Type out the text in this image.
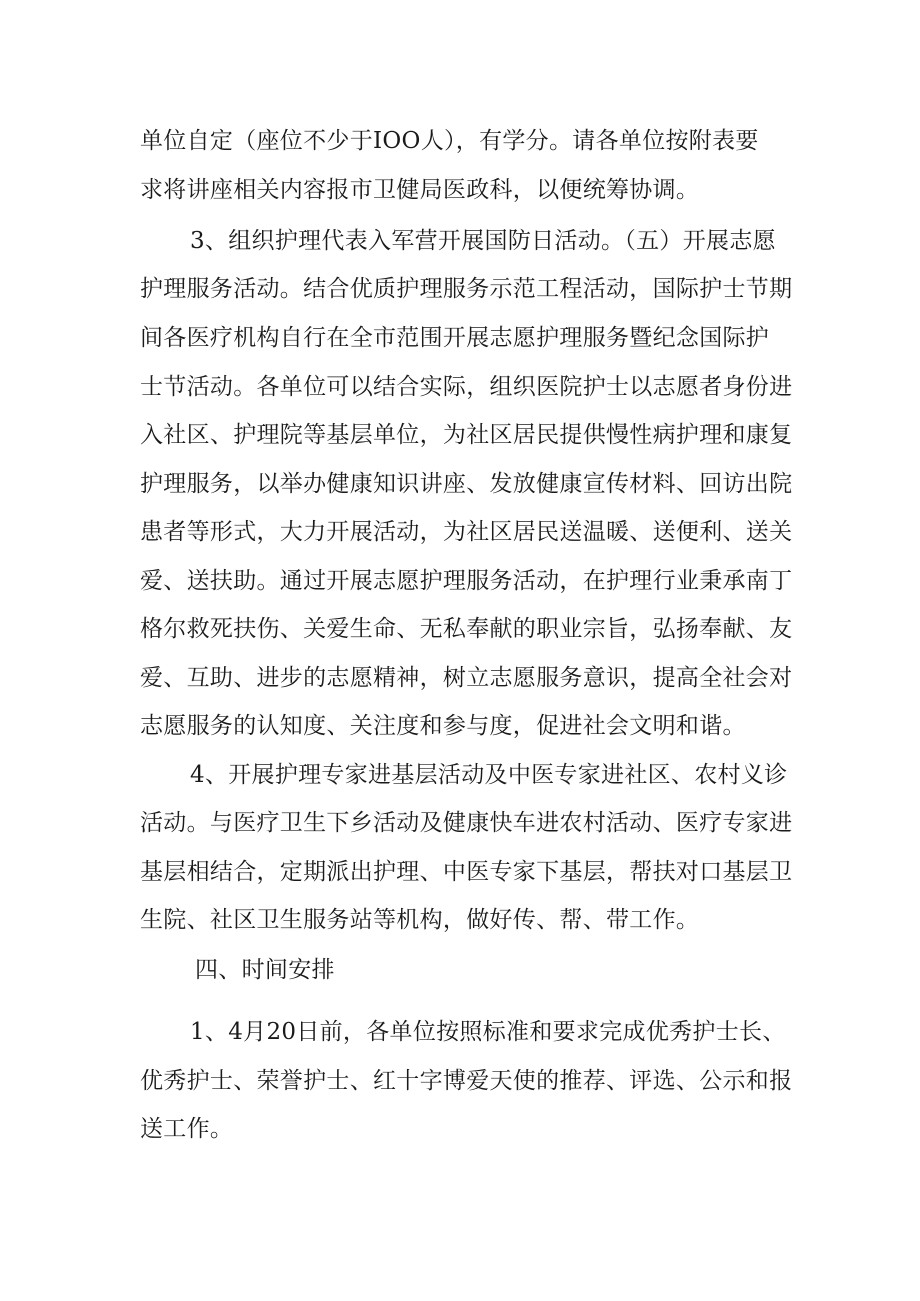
单位自定（座位不少于IOO人），有学分。请各单位按附表要
求将讲座相关内容报市卫健局医政科，以便统筹协调。
3、组织护理代表入军营开展国防日活动。（五）开展志愿
护理服务活动。结合优质护理服务示范工程活动，国际护士节期
间各医疗机构自行在全市范围开展志愿护理服务暨纪念国际护
士节活动。各单位可以结合实际，组织医院护士以志愿者身份进
入社区、护理院等基层单位，为社区居民提供慢性病护理和康复
护理服务，以举办健康知识讲座、发放健康宣传材料、回访出院
患者等形式，大力开展活动，为社区居民送温暖、送便利、送关
爱、送扶助。通过开展志愿护理服务活动，在护理行业秉承南丁
格尔救死扶伤、关爱生命、无私奉献的职业宗旨，弘扬奉献、友
爱、互助、进步的志愿精神，树立志愿服务意识，提高全社会对
志愿服务的认知度、关注度和参与度，促进社会文明和谐。
4、开展护理专家进基层活动及中医专家进社区、农村义诊
活动。与医疗卫生下乡活动及健康快车进农村活动、医疗专家进
基层相结合，定期派出护理、中医专家下基层，帮扶对口基层卫
生院、社区卫生服务站等机构，做好传、帮、带工作。
四、时间安排
1、4月20日前，各单位按照标准和要求完成优秀护士长、
优秀护士、荣誉护士、红十字博爱天使的推荐、评选、公示和报
送工作。
